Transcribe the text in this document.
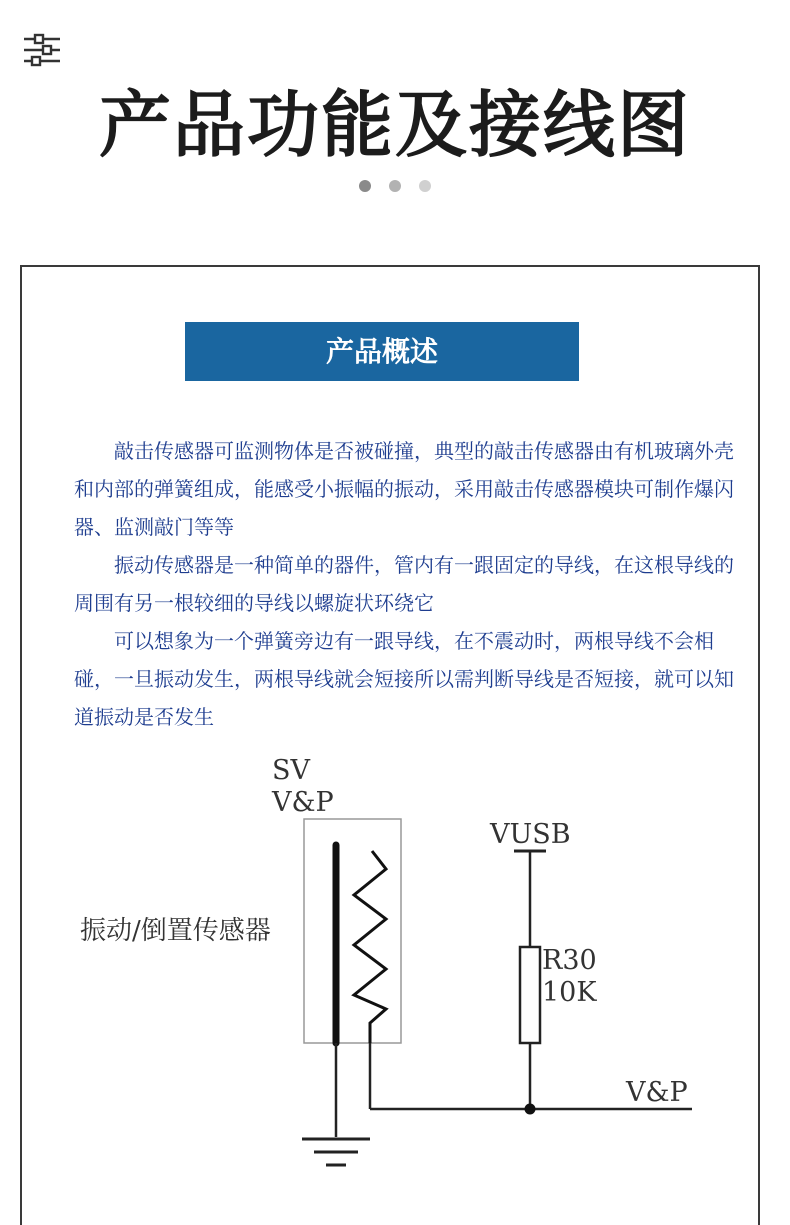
产品功能及接线图
产品概述

敲击传感器可监测物体是否被碰撞，典型的敲击传感器由有机玻璃外壳和内部的弹簧组成，能感受小振幅的振动，采用敲击传感器模块可制作爆闪器、监测敲门等等

振动传感器是一种简单的器件，管内有一跟固定的导线，在这根导线的周围有另一根较细的导线以螺旋状环绕它

可以想象为一个弹簧旁边有一跟导线，在不震动时，两根导线不会相碰，一旦振动发生，两根导线就会短接所以需判断导线是否短接，就可以知道振动是否发生

SV
V&P
振动/倒置传感器
VUSB
R30
10K
V&P
